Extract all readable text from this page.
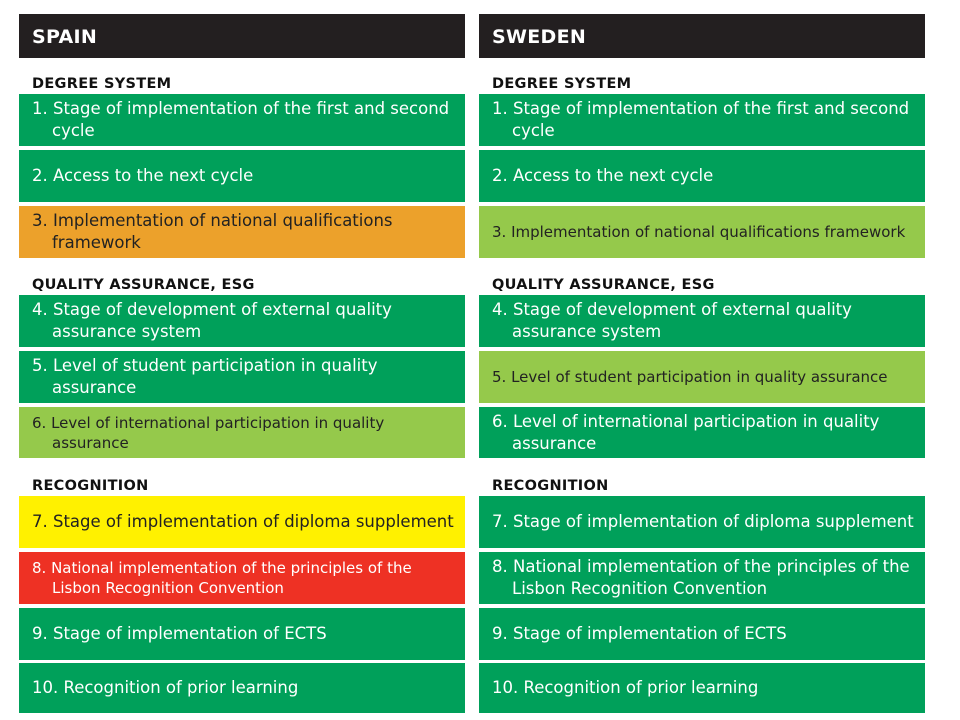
SPAIN
DEGREE SYSTEM
1. Stage of implementation of the first and second cycle
2. Access to the next cycle
3. Implementation of national qualifications framework
QUALITY ASSURANCE, ESG
4. Stage of development of external quality assurance system
5. Level of student participation in quality assurance
6. Level of international participation in quality assurance
RECOGNITION
7. Stage of implementation of diploma supplement
8. National implementation of the principles of the Lisbon Recognition Convention
9. Stage of implementation of ECTS
10. Recognition of prior learning
SWEDEN
DEGREE SYSTEM
1. Stage of implementation of the first and second cycle
2. Access to the next cycle
3. Implementation of national qualifications framework
QUALITY ASSURANCE, ESG
4. Stage of development of external quality assurance system
5. Level of student participation in quality assurance
6. Level of international participation in quality assurance
RECOGNITION
7. Stage of implementation of diploma supplement
8. National implementation of the principles of the Lisbon Recognition Convention
9. Stage of implementation of ECTS
10. Recognition of prior learning
